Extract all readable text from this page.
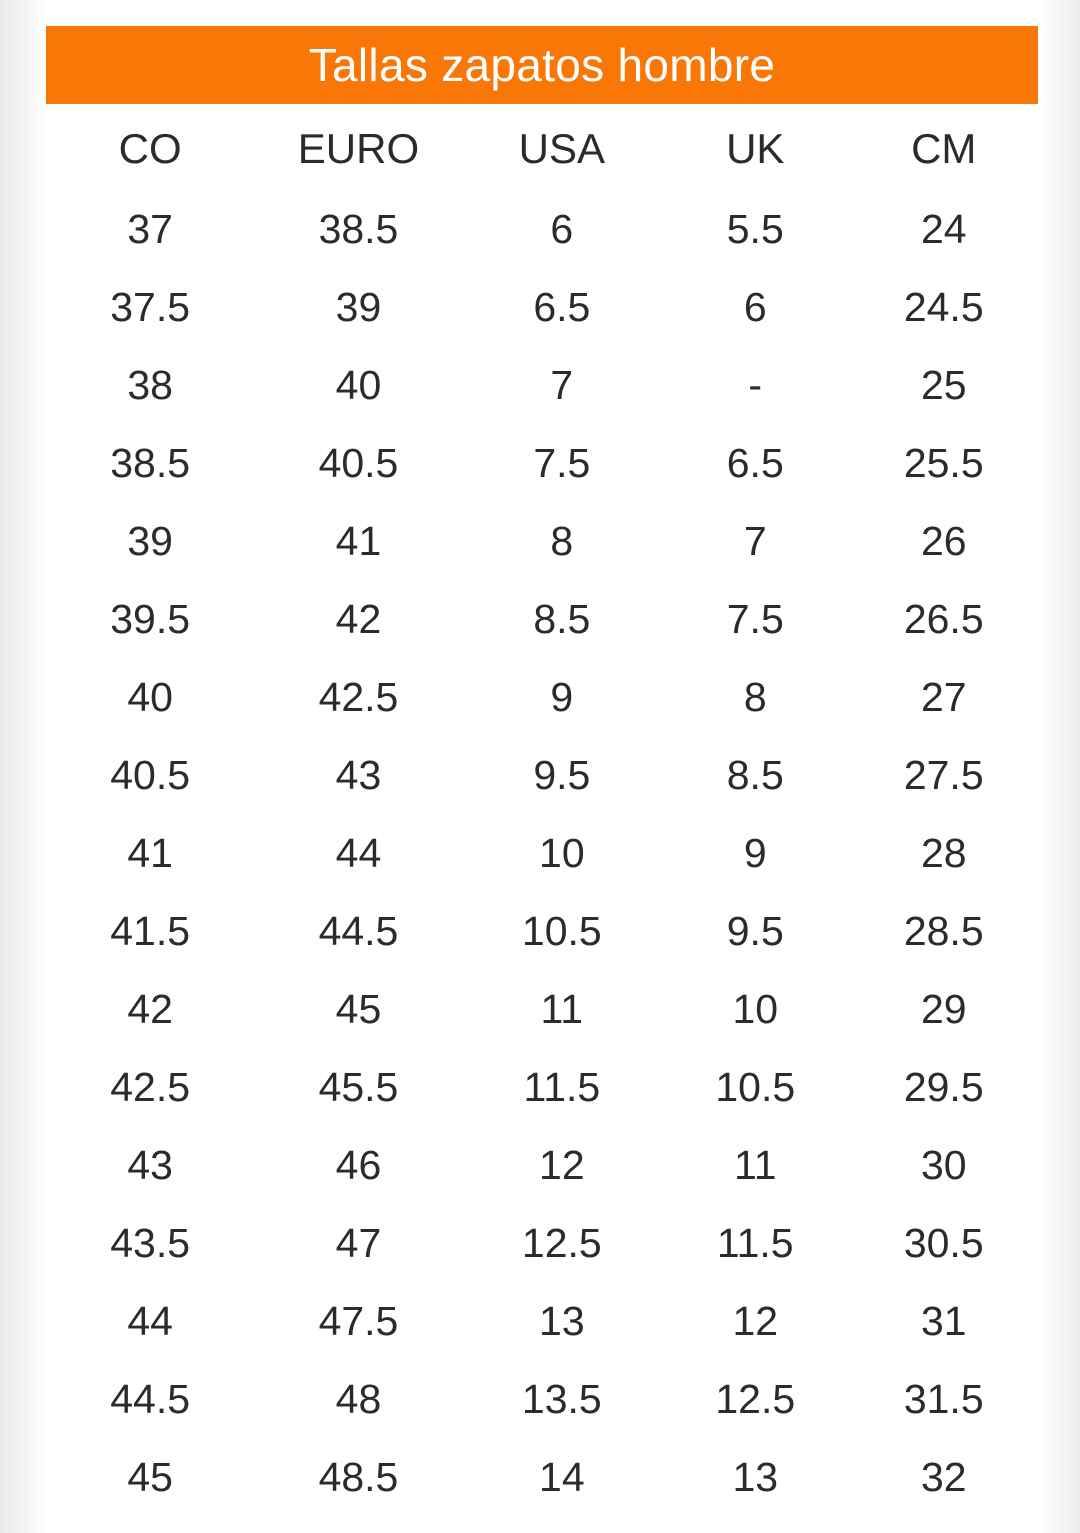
Tallas zapatos hombre
CO	EURO	USA	UK	CM
37	38.5	6	5.5	24
37.5	39	6.5	6	24.5
38	40	7	-	25
38.5	40.5	7.5	6.5	25.5
39	41	8	7	26
39.5	42	8.5	7.5	26.5
40	42.5	9	8	27
40.5	43	9.5	8.5	27.5
41	44	10	9	28
41.5	44.5	10.5	9.5	28.5
42	45	11	10	29
42.5	45.5	11.5	10.5	29.5
43	46	12	11	30
43.5	47	12.5	11.5	30.5
44	47.5	13	12	31
44.5	48	13.5	12.5	31.5
45	48.5	14	13	32
